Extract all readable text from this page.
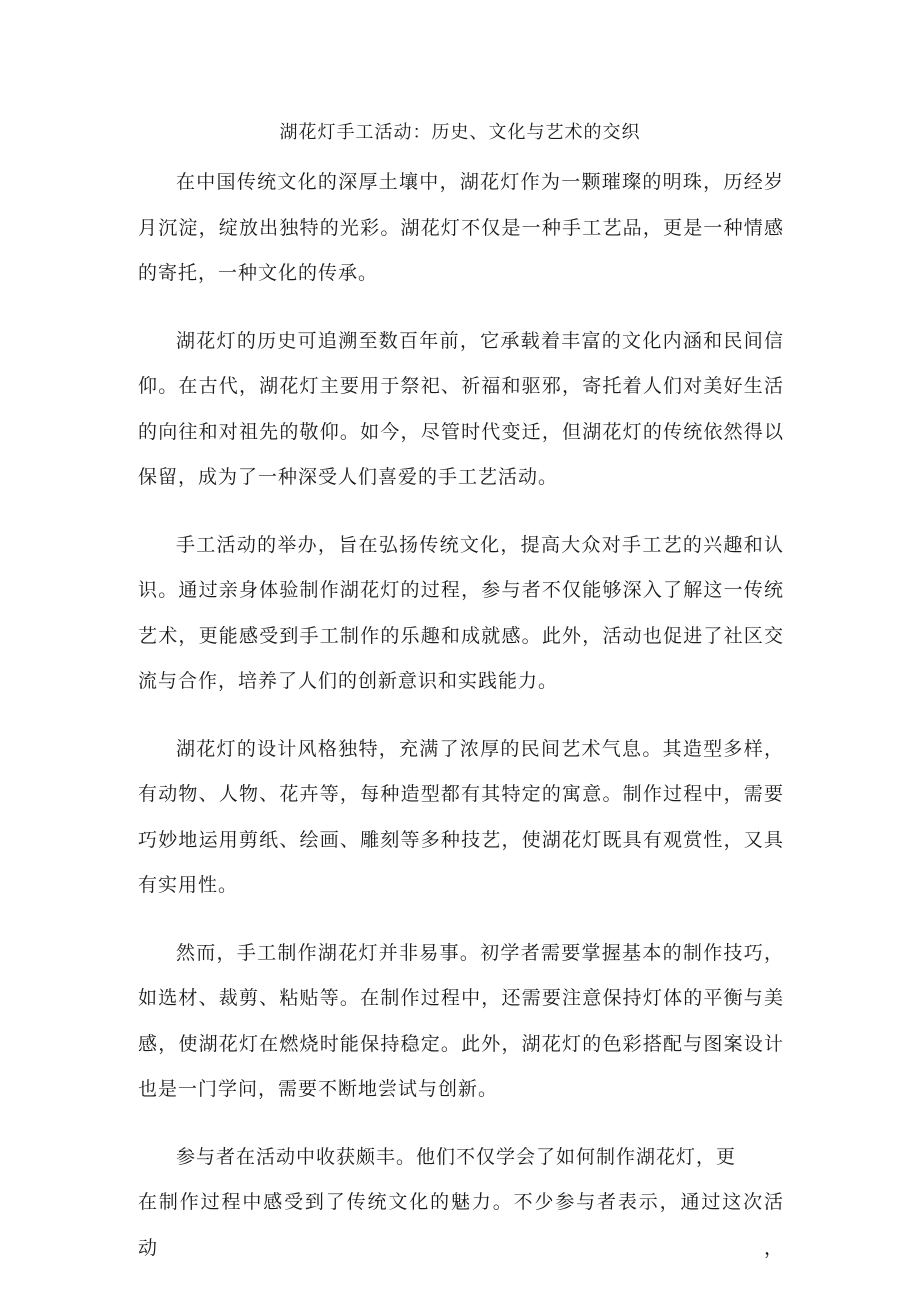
湖花灯手工活动：历史、文化与艺术的交织

在中国传统文化的深厚土壤中，湖花灯作为一颗璀璨的明珠，历经岁月沉淀，绽放出独特的光彩。湖花灯不仅是一种手工艺品，更是一种情感的寄托，一种文化的传承。

湖花灯的历史可追溯至数百年前，它承载着丰富的文化内涵和民间信仰。在古代，湖花灯主要用于祭祀、祈福和驱邪，寄托着人们对美好生活的向往和对祖先的敬仰。如今，尽管时代变迁，但湖花灯的传统依然得以保留，成为了一种深受人们喜爱的手工艺活动。

手工活动的举办，旨在弘扬传统文化，提高大众对手工艺的兴趣和认识。通过亲身体验制作湖花灯的过程，参与者不仅能够深入了解这一传统艺术，更能感受到手工制作的乐趣和成就感。此外，活动也促进了社区交流与合作，培养了人们的创新意识和实践能力。

湖花灯的设计风格独特，充满了浓厚的民间艺术气息。其造型多样，有动物、人物、花卉等，每种造型都有其特定的寓意。制作过程中，需要巧妙地运用剪纸、绘画、雕刻等多种技艺，使湖花灯既具有观赏性，又具有实用性。

然而，手工制作湖花灯并非易事。初学者需要掌握基本的制作技巧，如选材、裁剪、粘贴等。在制作过程中，还需要注意保持灯体的平衡与美感，使湖花灯在燃烧时能保持稳定。此外，湖花灯的色彩搭配与图案设计也是一门学问，需要不断地尝试与创新。

参与者在活动中收获颇丰。他们不仅学会了如何制作湖花灯，更
在制作过程中感受到了传统文化的魅力。不少参与者表示，通过这次活动，
